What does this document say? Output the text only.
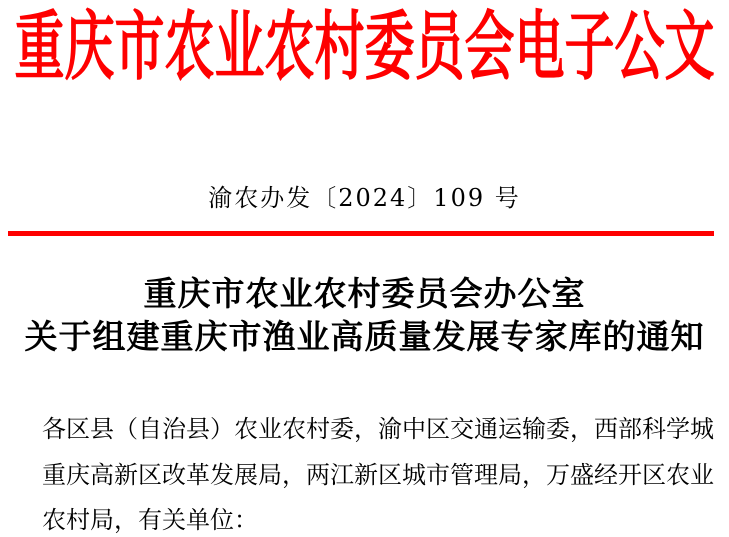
重庆市农业农村委员会电子公文
渝农办发〔2024〕109 号
重庆市农业农村委员会办公室
关于组建重庆市渔业高质量发展专家库的通知
各区县（自治县）农业农村委，渝中区交通运输委，西部科学城
重庆高新区改革发展局，两江新区城市管理局，万盛经开区农业
农村局，有关单位：
